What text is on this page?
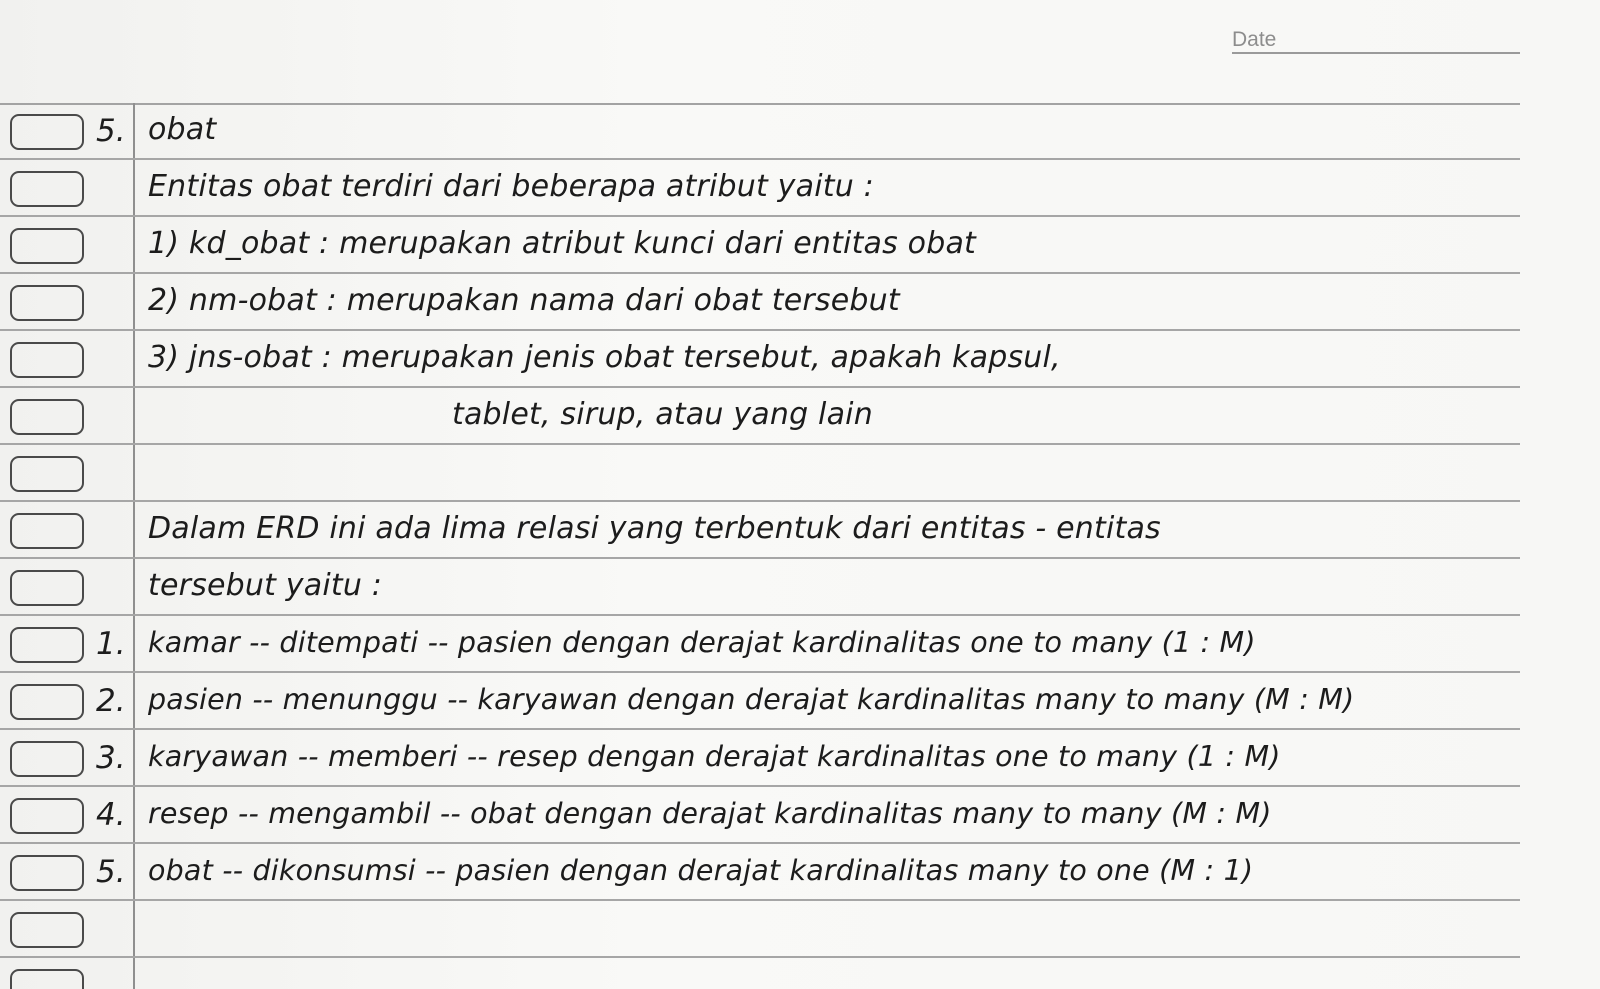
Date
5. obat
Entitas obat terdiri dari beberapa atribut yaitu :
1) kd_obat : merupakan atribut kunci dari entitas obat
2) nm-obat : merupakan nama dari obat tersebut
3) jns-obat : merupakan jenis obat tersebut, apakah kapsul,
tablet, sirup, atau yang lain
Dalam ERD ini ada lima relasi yang terbentuk dari entitas - entitas
tersebut yaitu :
1. kamar -- ditempati -- pasien dengan derajat kardinalitas one to many (1 : M)
2. pasien -- menunggu -- karyawan dengan derajat kardinalitas many to many (M : M)
3. karyawan -- memberi -- resep dengan derajat kardinalitas one to many (1 : M)
4. resep -- mengambil -- obat dengan derajat kardinalitas many to many (M : M)
5. obat -- dikonsumsi -- pasien dengan derajat kardinalitas many to one (M : 1)
